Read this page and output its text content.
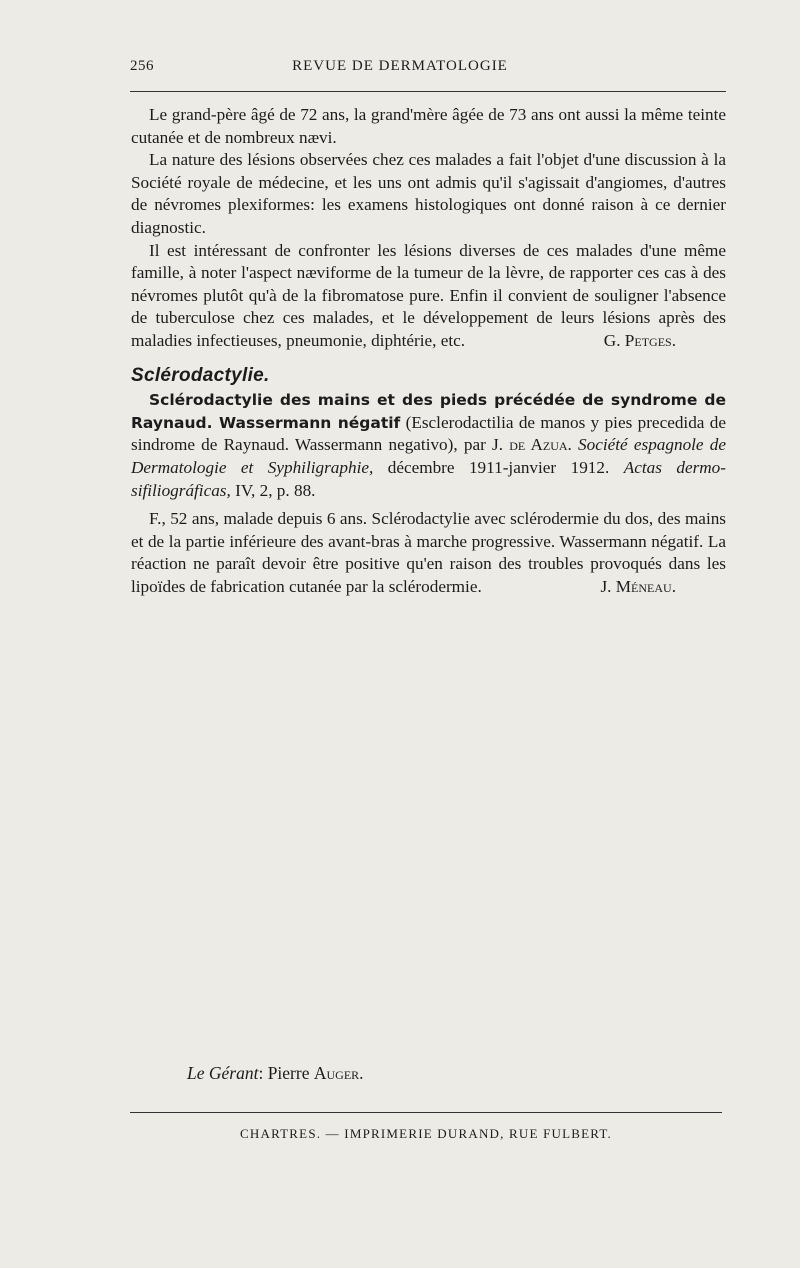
256	REVUE DE DERMATOLOGIE

Le grand-père âgé de 72 ans, la grand'mère âgée de 73 ans ont aussi la même teinte cutanée et de nombreux nævi.

La nature des lésions observées chez ces malades a fait l'objet d'une discussion à la Société royale de médecine, et les uns ont admis qu'il s'agissait d'angiomes, d'autres de névromes plexiformes: les examens histologiques ont donné raison à ce dernier diagnostic.

Il est intéressant de confronter les lésions diverses de ces malades d'une même famille, à noter l'aspect næviforme de la tumeur de la lèvre, de rapporter ces cas à des névromes plutôt qu'à de la fibromatose pure. Enfin il convient de souligner l'absence de tuberculose chez ces malades, et le développement de leurs lésions après des maladies infectieuses, pneumonie, diphtérie, etc.	G. Petges.

Sclérodactylie.

Sclérodactylie des mains et des pieds précédée de syndrome de Raynaud. Wassermann négatif (Esclerodactilia de manos y pies precedida de sindrome de Raynaud. Wassermann negativo), par J. de Azua. Société espagnole de Dermatologie et Syphiligraphie, décembre 1911-janvier 1912. Actas dermo-sifiliográficas, IV, 2, p. 88.

F., 52 ans, malade depuis 6 ans. Sclérodactylie avec sclérodermie du dos, des mains et de la partie inférieure des avant-bras à marche progressive. Wassermann négatif. La réaction ne paraît devoir être positive qu'en raison des troubles provoqués dans les lipoïdes de fabrication cutanée par la sclérodermie.	J. Méneau.

Le Gérant: Pierre Auger.
CHARTRES. — IMPRIMERIE DURAND, RUE FULBERT.
